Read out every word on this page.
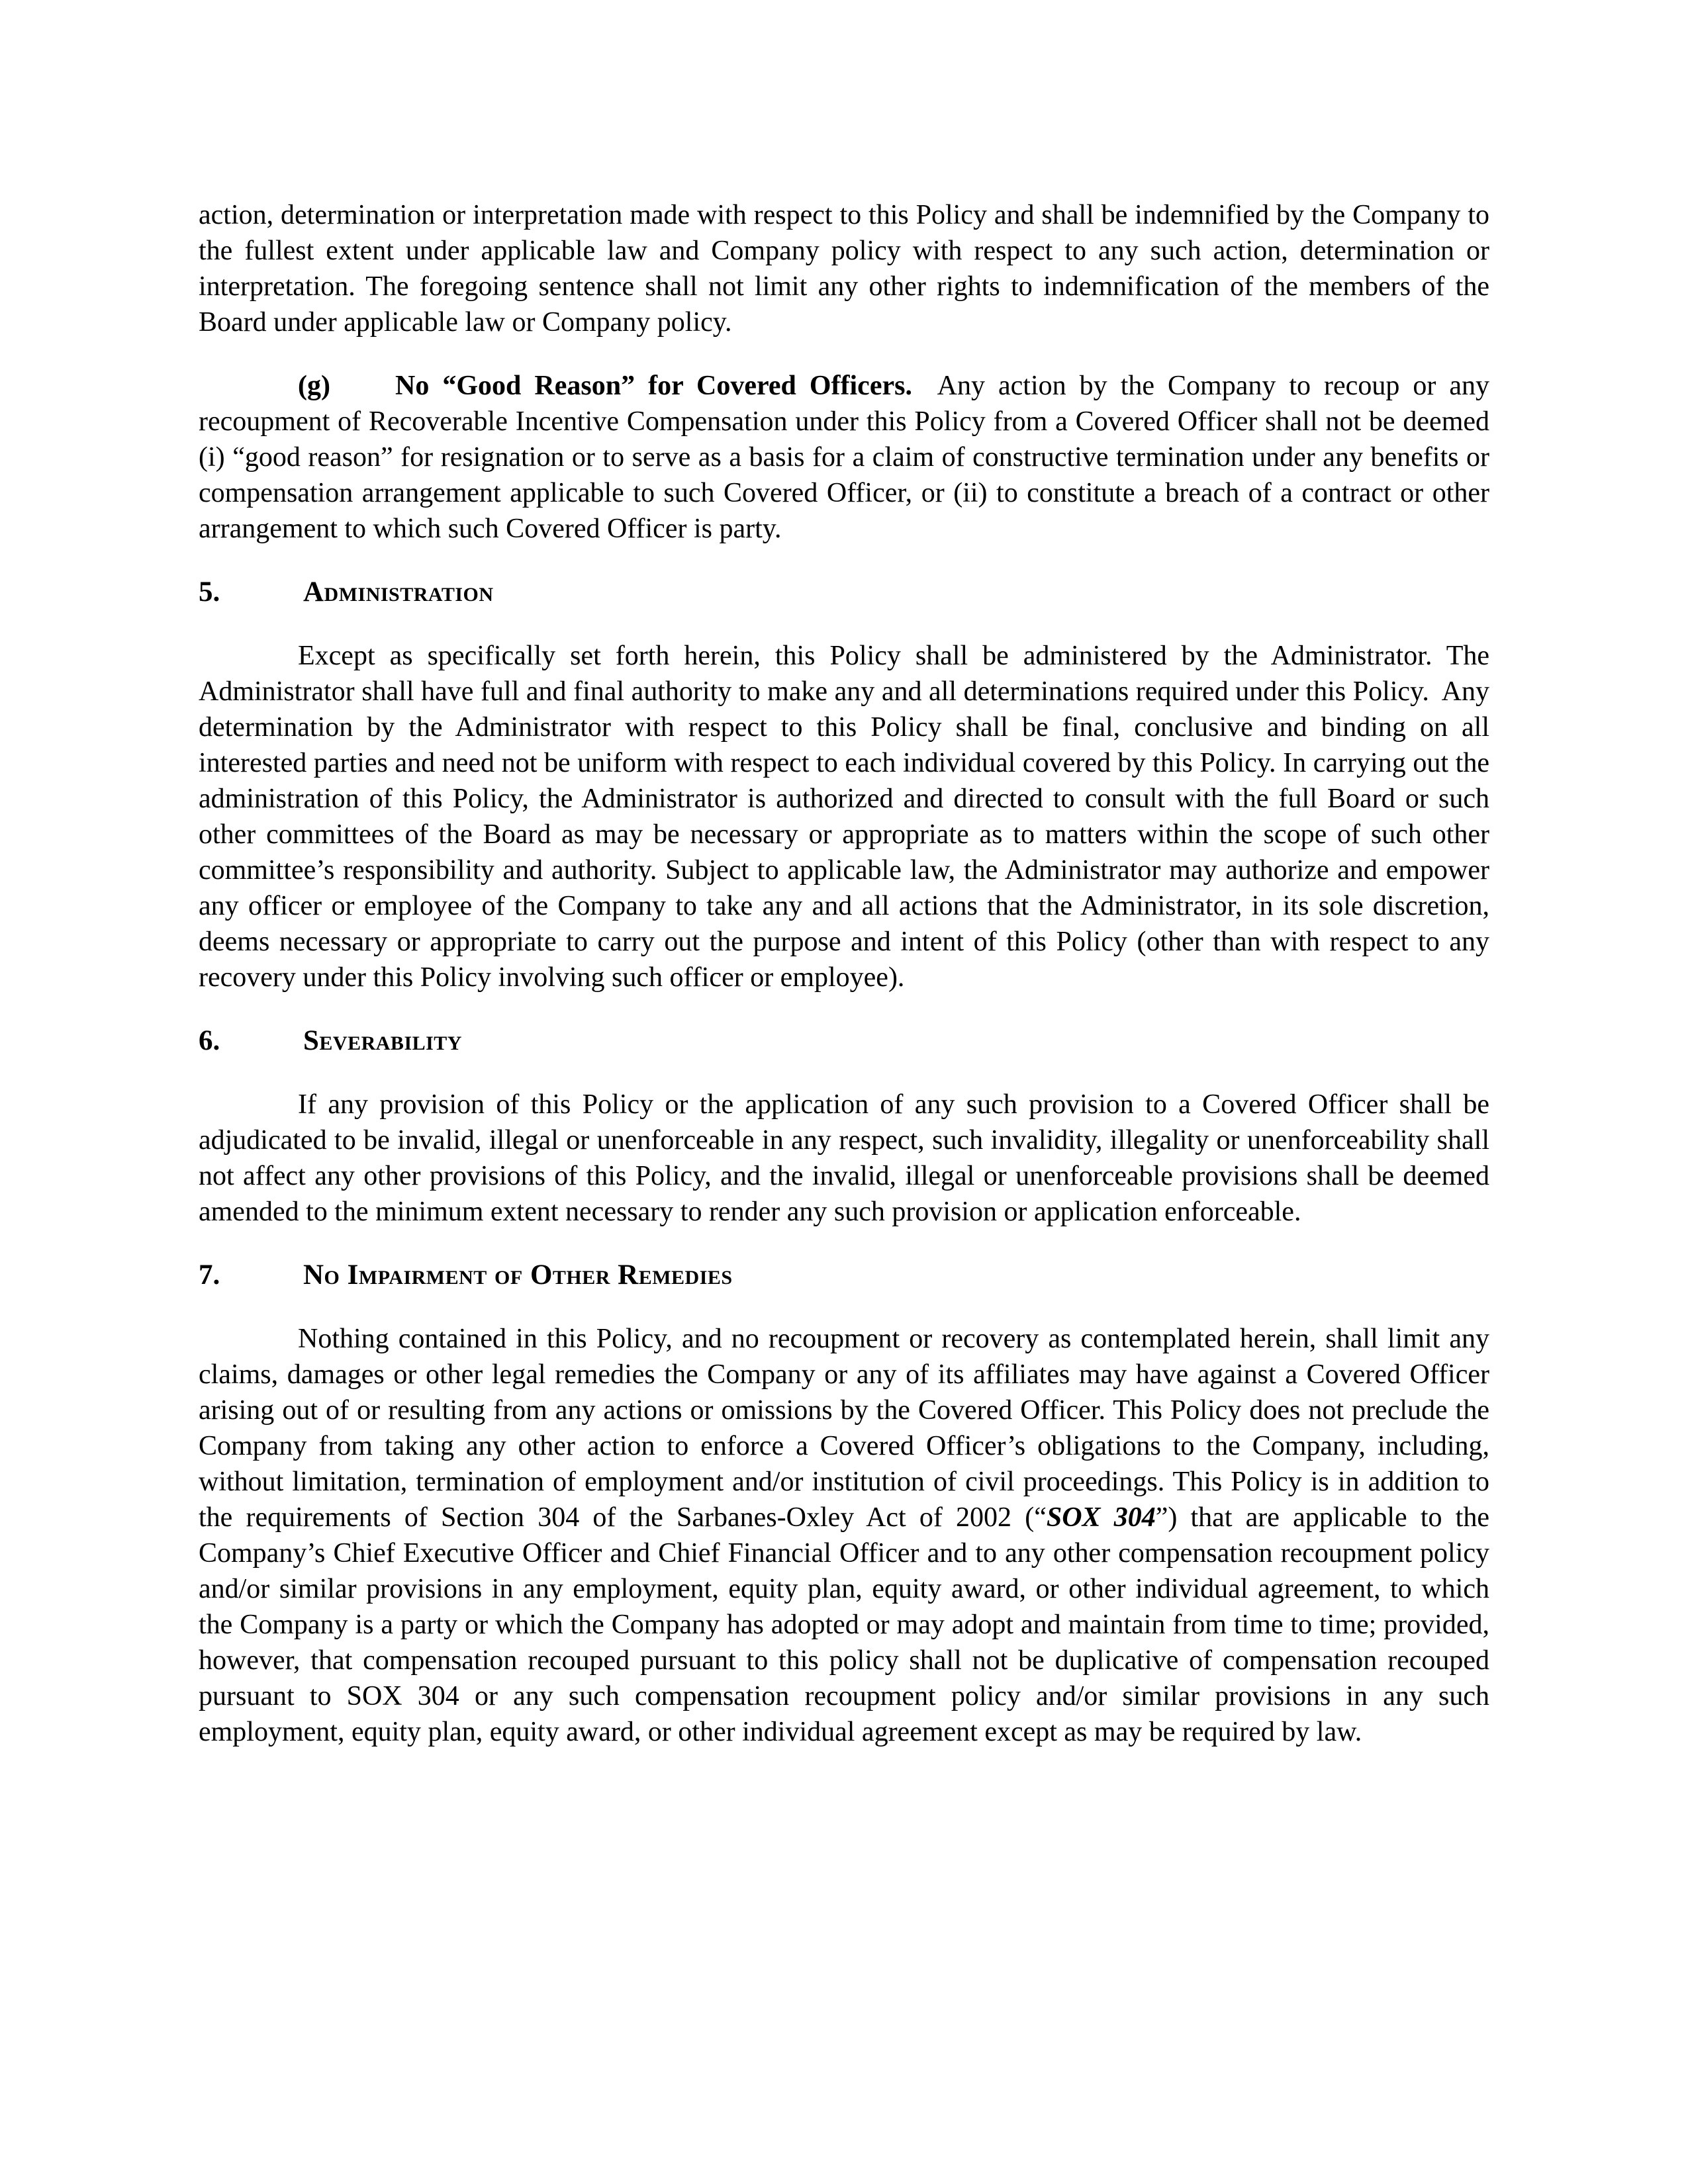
action, determination or interpretation made with respect to this Policy and shall be indemnified by the Company to the fullest extent under applicable law and Company policy with respect to any such action, determination or interpretation. The foregoing sentence shall not limit any other rights to indemnification of the members of the Board under applicable law or Company policy.

(g) No “Good Reason” for Covered Officers.  Any action by the Company to recoup or any recoupment of Recoverable Incentive Compensation under this Policy from a Covered Officer shall not be deemed (i) “good reason” for resignation or to serve as a basis for a claim of constructive termination under any benefits or compensation arrangement applicable to such Covered Officer, or (ii) to constitute a breach of a contract or other arrangement to which such Covered Officer is party.

5.	Administration

Except as specifically set forth herein, this Policy shall be administered by the Administrator. The Administrator shall have full and final authority to make any and all determinations required under this Policy.  Any determination by the Administrator with respect to this Policy shall be final, conclusive and binding on all interested parties and need not be uniform with respect to each individual covered by this Policy. In carrying out the administration of this Policy, the Administrator is authorized and directed to consult with the full Board or such other committees of the Board as may be necessary or appropriate as to matters within the scope of such other committee’s responsibility and authority. Subject to applicable law, the Administrator may authorize and empower any officer or employee of the Company to take any and all actions that the Administrator, in its sole discretion, deems necessary or appropriate to carry out the purpose and intent of this Policy (other than with respect to any recovery under this Policy involving such officer or employee).

6.	Severability

If any provision of this Policy or the application of any such provision to a Covered Officer shall be adjudicated to be invalid, illegal or unenforceable in any respect, such invalidity, illegality or unenforceability shall not affect any other provisions of this Policy, and the invalid, illegal or unenforceable provisions shall be deemed amended to the minimum extent necessary to render any such provision or application enforceable.

7.	No Impairment of Other Remedies

Nothing contained in this Policy, and no recoupment or recovery as contemplated herein, shall limit any claims, damages or other legal remedies the Company or any of its affiliates may have against a Covered Officer arising out of or resulting from any actions or omissions by the Covered Officer. This Policy does not preclude the Company from taking any other action to enforce a Covered Officer’s obligations to the Company, including, without limitation, termination of employment and/or institution of civil proceedings. This Policy is in addition to the requirements of Section 304 of the Sarbanes-Oxley Act of 2002 (“SOX 304”) that are applicable to the Company’s Chief Executive Officer and Chief Financial Officer and to any other compensation recoupment policy and/or similar provisions in any employment, equity plan, equity award, or other individual agreement, to which the Company is a party or which the Company has adopted or may adopt and maintain from time to time; provided, however, that compensation recouped pursuant to this policy shall not be duplicative of compensation recouped pursuant to SOX 304 or any such compensation recoupment policy and/or similar provisions in any such employment, equity plan, equity award, or other individual agreement except as may be required by law.
